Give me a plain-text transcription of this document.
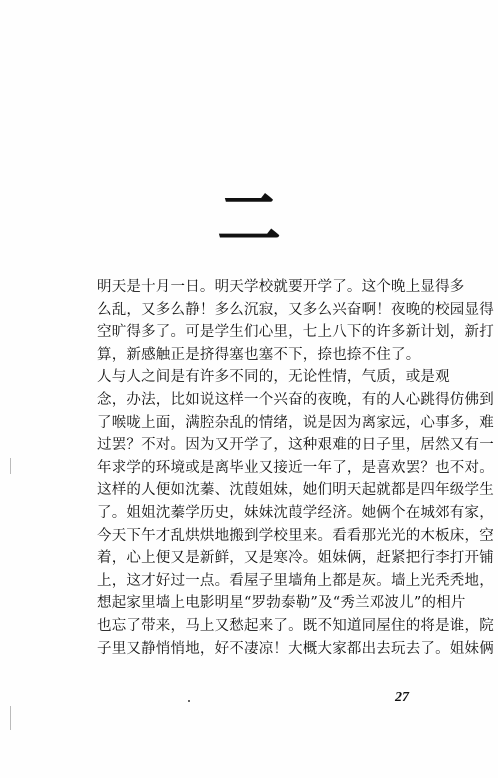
二
明天是十月一日。明天学校就要开学了。这个晚上显得多
么乱，又多么静！多么沉寂，又多么兴奋啊！夜晚的校园显得
空旷得多了。可是学生们心里，七上八下的许多新计划，新打
算，新感触正是挤得塞也塞不下，捺也捺不住了。
人与人之间是有许多不同的，无论性情，气质，或是观
念，办法，比如说这样一个兴奋的夜晚，有的人心跳得仿佛到
了喉咙上面，满腔杂乱的情绪，说是因为离家远，心事多，难
过罢？不对。因为又开学了，这种艰难的日子里，居然又有一
年求学的环境或是离毕业又接近一年了，是喜欢罢？也不对。
这样的人便如沈蓁、沈葭姐妹，她们明天起就都是四年级学生
了。姐姐沈蓁学历史，妹妹沈葭学经济。她俩个在城郊有家，
今天下午才乱烘烘地搬到学校里来。看看那光光的木板床，空
着，心上便又是新鲜，又是寒冷。姐妹俩，赶紧把行李打开铺
上，这才好过一点。看屋子里墙角上都是灰。墙上光秃秃地，
想起家里墙上电影明星“罗勃泰勒”及“秀兰邓波儿”的相片
也忘了带来，马上又愁起来了。既不知道同屋住的将是谁，院
子里又静悄悄地，好不凄凉！大概大家都出去玩去了。姐妹俩
27
